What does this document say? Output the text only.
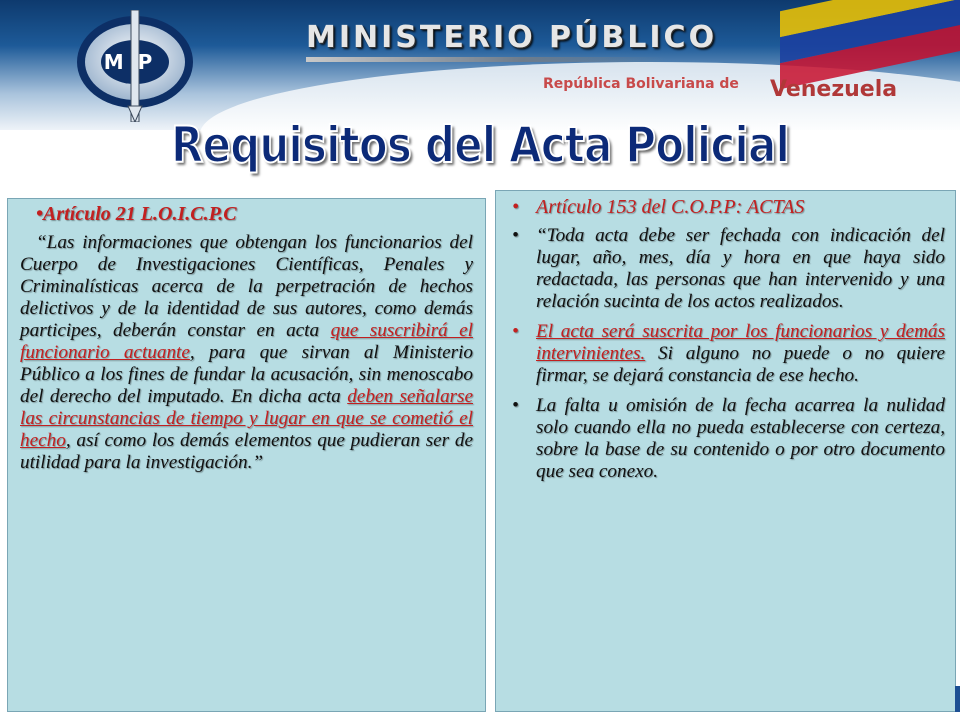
MP
MINISTERIO PÚBLICO
República Bolivariana de Venezuela
Requisitos del Acta Policial
•Artículo 21 L.O.I.C.P.C

“Las informaciones que obtengan los funcionarios del Cuerpo de Investigaciones Científicas, Penales y Criminalísticas acerca de la perpetración de hechos delictivos y de la identidad de sus autores, como demás participes, deberán constar en acta que suscribirá el funcionario actuante, para que sirvan al Ministerio Público a los fines de fundar la acusación, sin menoscabo del derecho del imputado. En dicha acta deben señalarse las circunstancias de tiempo y lugar en que se cometió el hecho, así como los demás elementos que pudieran ser de utilidad para la investigación.”

• Artículo 153 del C.O.P.P: ACTAS
• “Toda acta debe ser fechada con indicación del lugar, año, mes, día y hora en que haya sido redactada, las personas que han intervenido y una relación sucinta de los actos realizados.
• El acta será suscrita por los funcionarios y demás intervinientes. Si alguno no puede o no quiere firmar, se dejará constancia de ese hecho.
• La falta u omisión de la fecha acarrea la nulidad solo cuando ella no pueda establecerse con certeza, sobre la base de su contenido o por otro documento que sea conexo.
